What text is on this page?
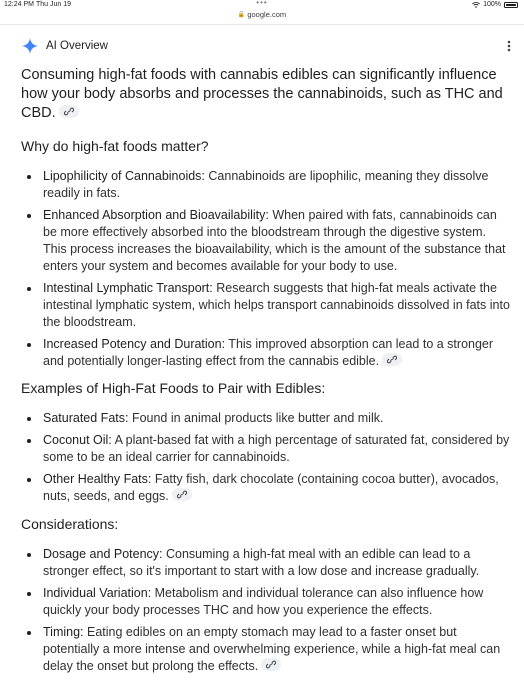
12:24 PM Thu Jun 19	•••	100%
🔒 google.com
AI Overview

Consuming high-fat foods with cannabis edibles can significantly influence how your body absorbs and processes the cannabinoids, such as THC and CBD.

Why do high-fat foods matter?
Lipophilicity of Cannabinoids: Cannabinoids are lipophilic, meaning they dissolve readily in fats.
Enhanced Absorption and Bioavailability: When paired with fats, cannabinoids can be more effectively absorbed into the bloodstream through the digestive system. This process increases the bioavailability, which is the amount of the substance that enters your system and becomes available for your body to use.
Intestinal Lymphatic Transport: Research suggests that high-fat meals activate the intestinal lymphatic system, which helps transport cannabinoids dissolved in fats into the bloodstream.
Increased Potency and Duration: This improved absorption can lead to a stronger and potentially longer-lasting effect from the cannabis edible.
Examples of High-Fat Foods to Pair with Edibles:
Saturated Fats: Found in animal products like butter and milk.
Coconut Oil: A plant-based fat with a high percentage of saturated fat, considered by some to be an ideal carrier for cannabinoids.
Other Healthy Fats: Fatty fish, dark chocolate (containing cocoa butter), avocados, nuts, seeds, and eggs.
Considerations:
Dosage and Potency: Consuming a high-fat meal with an edible can lead to a stronger effect, so it's important to start with a low dose and increase gradually.
Individual Variation: Metabolism and individual tolerance can also influence how quickly your body processes THC and how you experience the effects.
Timing: Eating edibles on an empty stomach may lead to a faster onset but potentially a more intense and overwhelming experience, while a high-fat meal can delay the onset but prolong the effects.
